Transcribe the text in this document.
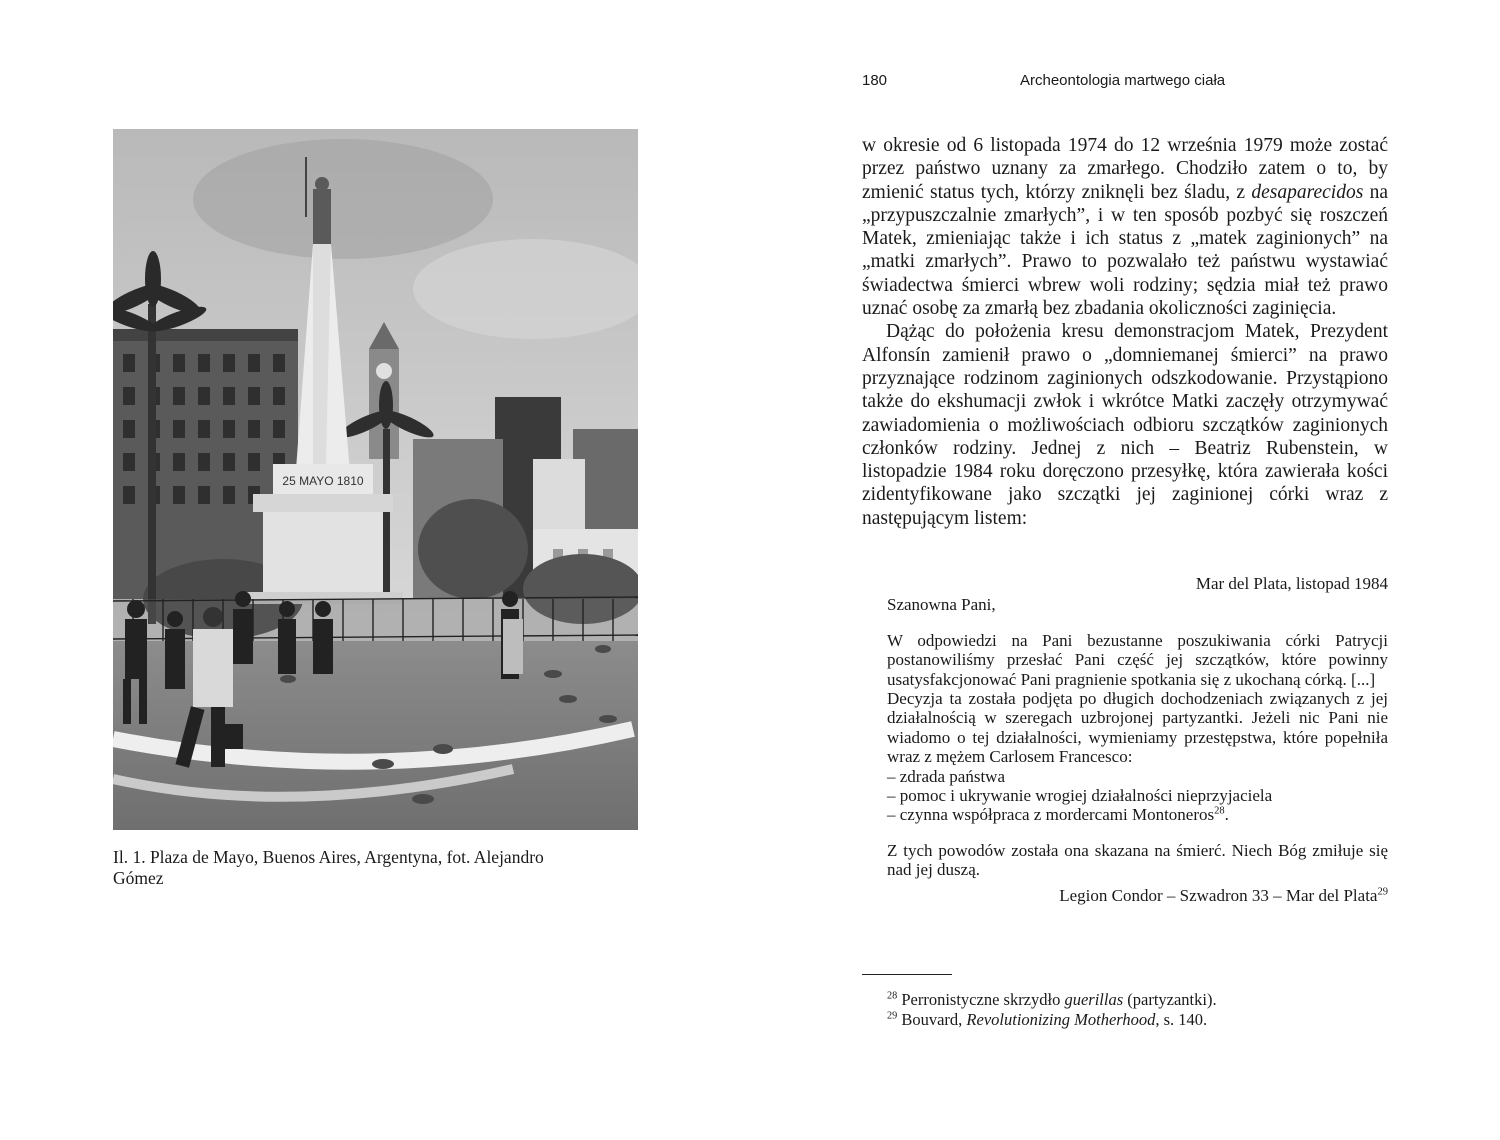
25 MAYO 1810
Il. 1. Plaza de Mayo, Buenos Aires, Argentyna, fot. Alejandro Gómez
180	Archeontologia martwego ciała

w okresie od 6 listopada 1974 do 12 września 1979 może zostać przez państwo uznany za zmarłego. Chodziło zatem o to, by zmienić status tych, którzy zniknęli bez śladu, z desaparecidos na „przypuszczalnie zmarłych”, i w ten sposób pozbyć się roszczeń Matek, zmieniając także i ich status z „matek zaginionych” na „matki zmarłych”. Prawo to pozwalało też państwu wystawiać świadectwa śmierci wbrew woli rodziny; sędzia miał też prawo uznać osobę za zmarłą bez zbadania okoliczności zaginięcia.

Dążąc do położenia kresu demonstracjom Matek, Prezydent Alfonsín zamienił prawo o „domniemanej śmierci” na prawo przyznające rodzinom zaginionych odszkodowanie. Przystąpiono także do ekshumacji zwłok i wkrótce Matki zaczęły otrzymywać zawiadomienia o możliwościach odbioru szczątków zaginionych członków rodziny. Jednej z nich – Beatriz Rubenstein, w listopadzie 1984 roku doręczono przesyłkę, która zawierała kości zidentyfikowane jako szczątki jej zaginionej córki wraz z następującym listem:

Mar del Plata, listopad 1984

Szanowna Pani,

W odpowiedzi na Pani bezustanne poszukiwania córki Patrycji postanowiliśmy przesłać Pani część jej szczątków, które powinny usatysfakcjonować Pani pragnienie spotkania się z ukochaną córką. [...]

Decyzja ta została podjęta po długich dochodzeniach związanych z jej działalnością w szeregach uzbrojonej partyzantki. Jeżeli nic Pani nie wiadomo o tej działalności, wymieniamy przestępstwa, które popełniła wraz z mężem Carlosem Francesco:

– zdrada państwa
– pomoc i ukrywanie wrogiej działalności nieprzyjaciela
– czynna współpraca z mordercami Montoneros$^{28}$.

Z tych powodów została ona skazana na śmierć. Niech Bóg zmiłuje się nad jej duszą.

Legion Condor – Szwadron 33 – Mar del Plata$^{29}$

$^{28}$ Perronistyczne skrzydło guerillas (partyzantki).

$^{29}$ Bouvard, Revolutionizing Motherhood, s. 140.
